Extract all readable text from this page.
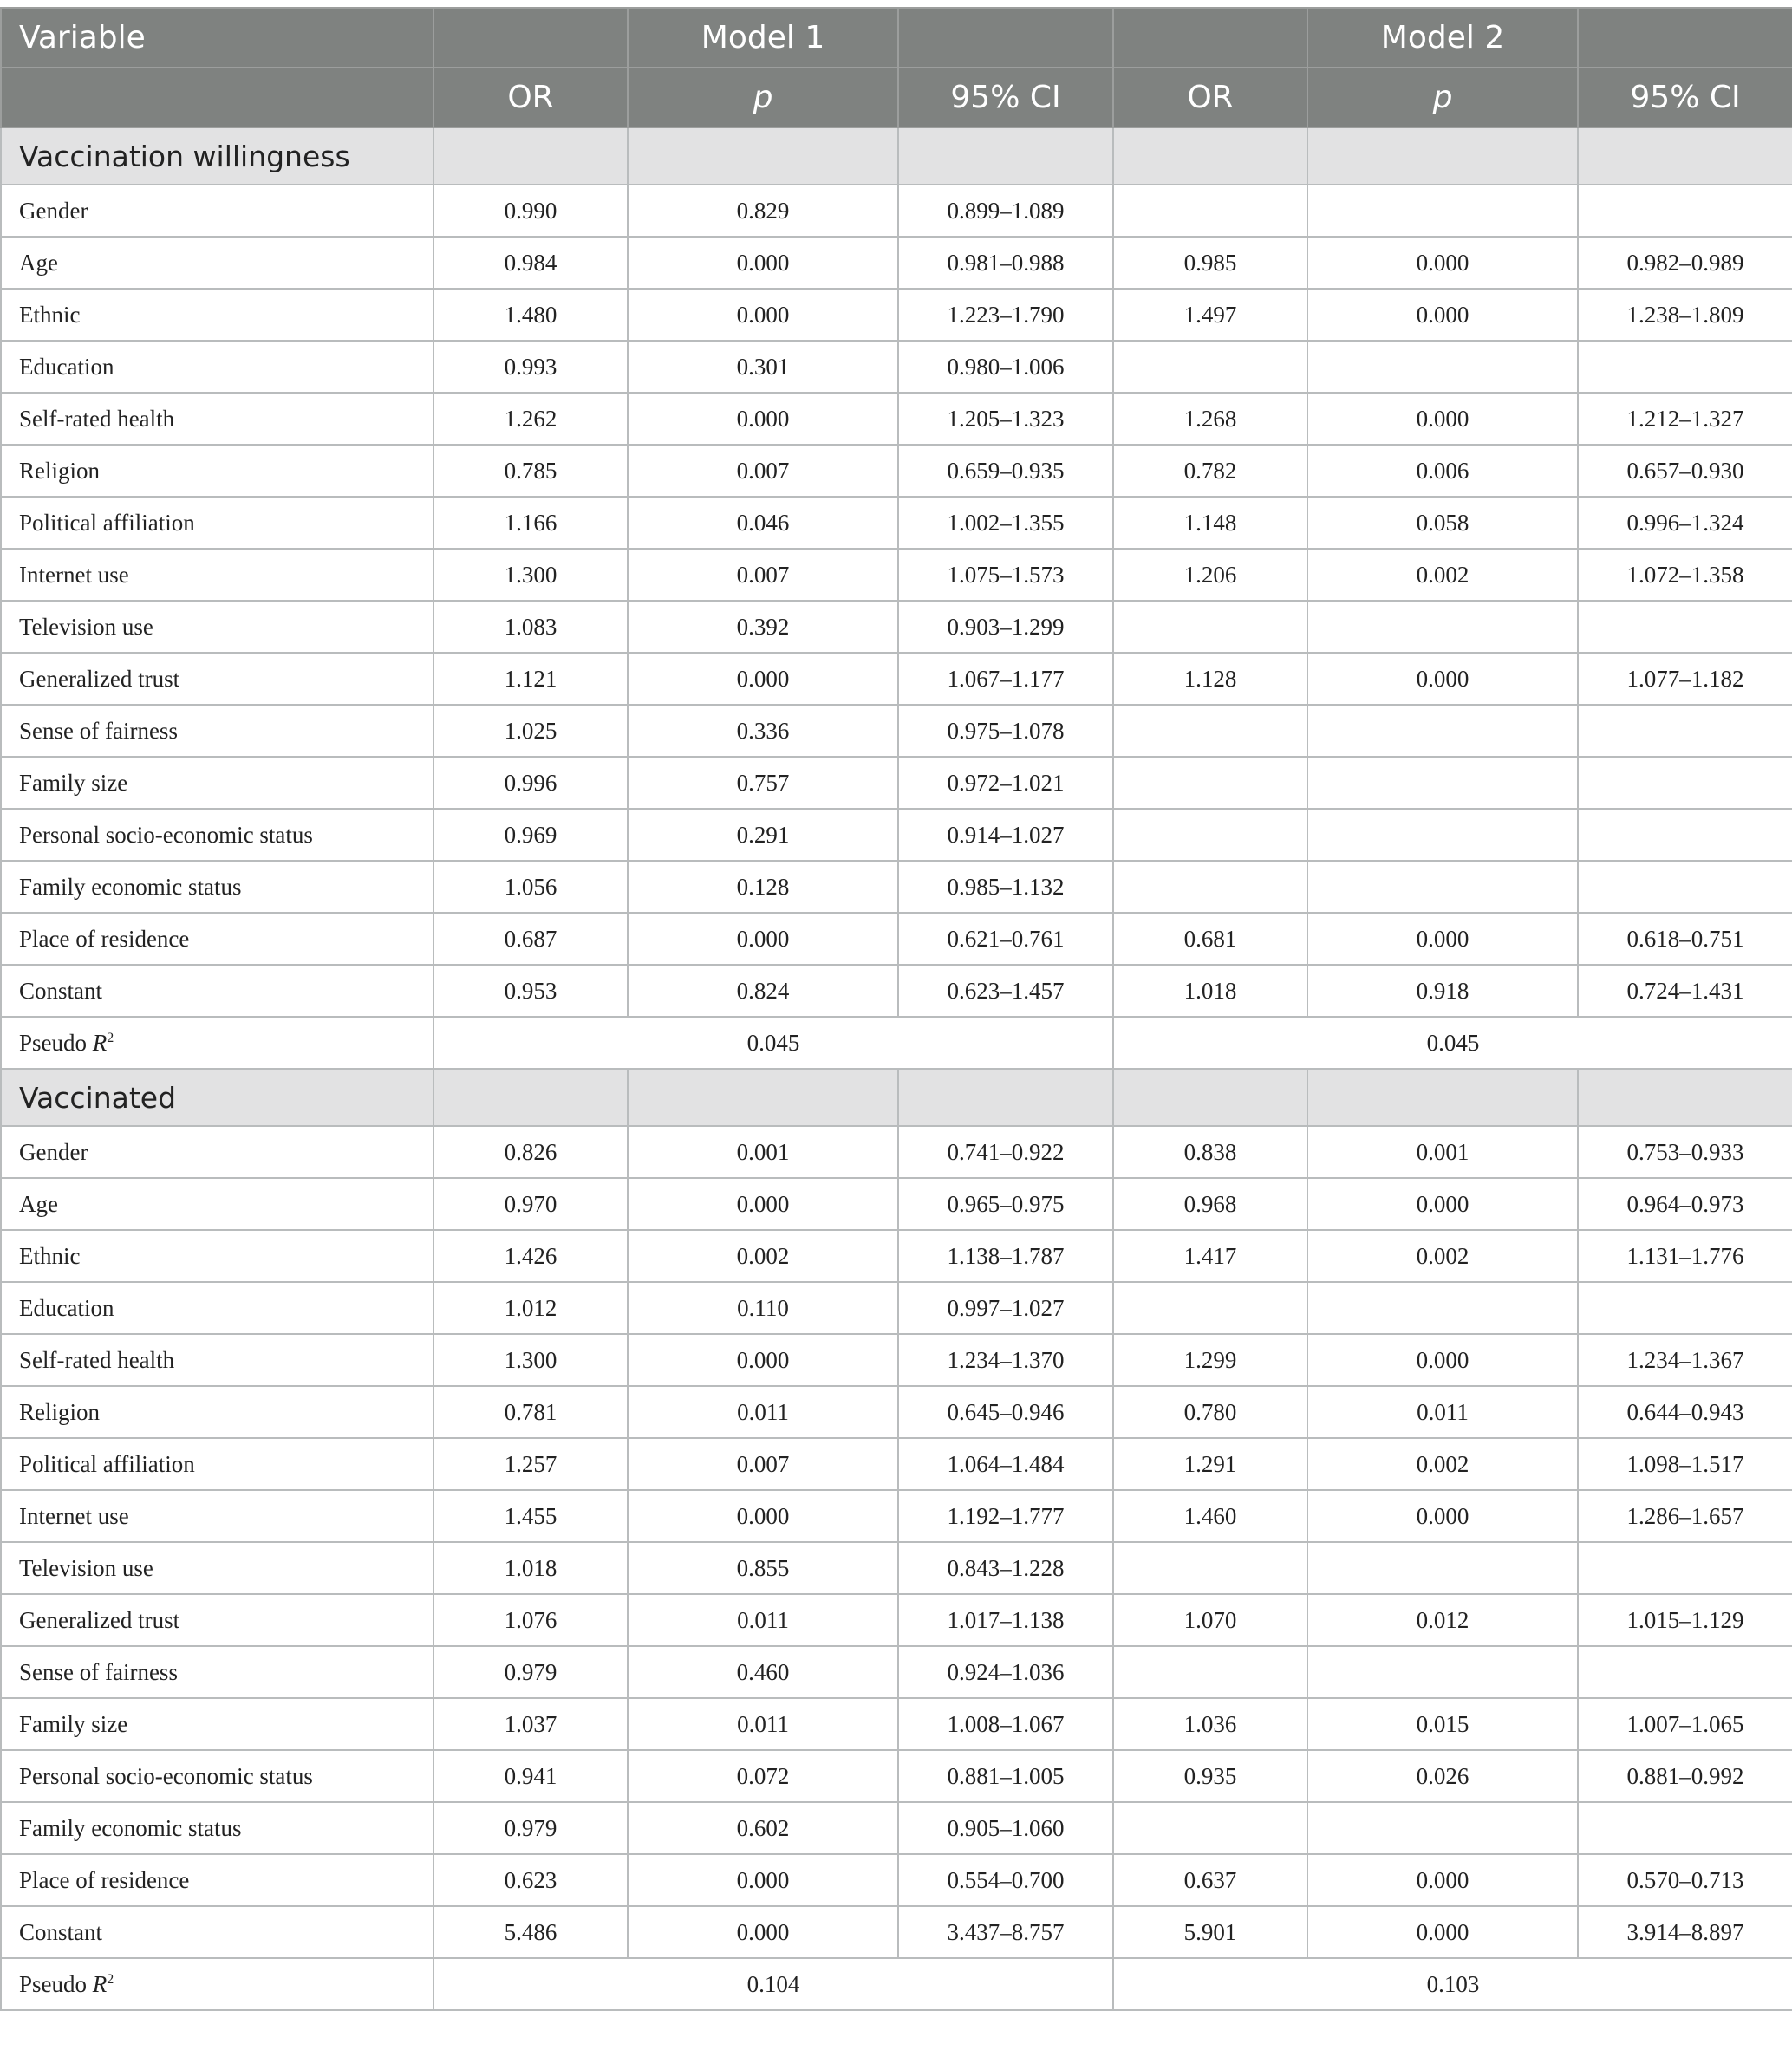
Variable		Model 1			Model 2	
	OR	p	95% CI	OR	p	95% CI
Vaccination willingness						
Gender	0.990	0.829	0.899–1.089			
Age	0.984	0.000	0.981–0.988	0.985	0.000	0.982–0.989
Ethnic	1.480	0.000	1.223–1.790	1.497	0.000	1.238–1.809
Education	0.993	0.301	0.980–1.006			
Self-rated health	1.262	0.000	1.205–1.323	1.268	0.000	1.212–1.327
Religion	0.785	0.007	0.659–0.935	0.782	0.006	0.657–0.930
Political affiliation	1.166	0.046	1.002–1.355	1.148	0.058	0.996–1.324
Internet use	1.300	0.007	1.075–1.573	1.206	0.002	1.072–1.358
Television use	1.083	0.392	0.903–1.299			
Generalized trust	1.121	0.000	1.067–1.177	1.128	0.000	1.077–1.182
Sense of fairness	1.025	0.336	0.975–1.078			
Family size	0.996	0.757	0.972–1.021			
Personal socio-economic status	0.969	0.291	0.914–1.027			
Family economic status	1.056	0.128	0.985–1.132			
Place of residence	0.687	0.000	0.621–0.761	0.681	0.000	0.618–0.751
Constant	0.953	0.824	0.623–1.457	1.018	0.918	0.724–1.431
Pseudo $R^2$	0.045			0.045		
Vaccinated						
Gender	0.826	0.001	0.741–0.922	0.838	0.001	0.753–0.933
Age	0.970	0.000	0.965–0.975	0.968	0.000	0.964–0.973
Ethnic	1.426	0.002	1.138–1.787	1.417	0.002	1.131–1.776
Education	1.012	0.110	0.997–1.027			
Self-rated health	1.300	0.000	1.234–1.370	1.299	0.000	1.234–1.367
Religion	0.781	0.011	0.645–0.946	0.780	0.011	0.644–0.943
Political affiliation	1.257	0.007	1.064–1.484	1.291	0.002	1.098–1.517
Internet use	1.455	0.000	1.192–1.777	1.460	0.000	1.286–1.657
Television use	1.018	0.855	0.843–1.228			
Generalized trust	1.076	0.011	1.017–1.138	1.070	0.012	1.015–1.129
Sense of fairness	0.979	0.460	0.924–1.036			
Family size	1.037	0.011	1.008–1.067	1.036	0.015	1.007–1.065
Personal socio-economic status	0.941	0.072	0.881–1.005	0.935	0.026	0.881–0.992
Family economic status	0.979	0.602	0.905–1.060			
Place of residence	0.623	0.000	0.554–0.700	0.637	0.000	0.570–0.713
Constant	5.486	0.000	3.437–8.757	5.901	0.000	3.914–8.897
Pseudo $R^2$	0.104			0.103		
